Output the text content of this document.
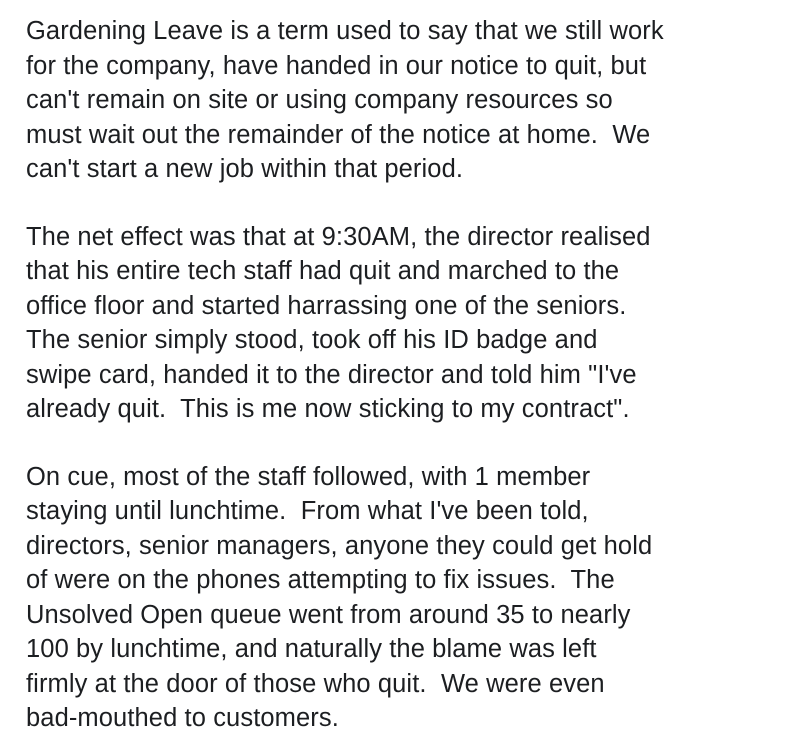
Gardening Leave is a term used to say that we still work
for the company, have handed in our notice to quit, but
can't remain on site or using company resources so
must wait out the remainder of the notice at home.  We
can't start a new job within that period.

The net effect was that at 9:30AM, the director realised
that his entire tech staff had quit and marched to the
office floor and started harrassing one of the seniors.
The senior simply stood, took off his ID badge and
swipe card, handed it to the director and told him "I've
already quit.  This is me now sticking to my contract".

On cue, most of the staff followed, with 1 member
staying until lunchtime.  From what I've been told,
directors, senior managers, anyone they could get hold
of were on the phones attempting to fix issues.  The
Unsolved Open queue went from around 35 to nearly
100 by lunchtime, and naturally the blame was left
firmly at the door of those who quit.  We were even
bad-mouthed to customers.
